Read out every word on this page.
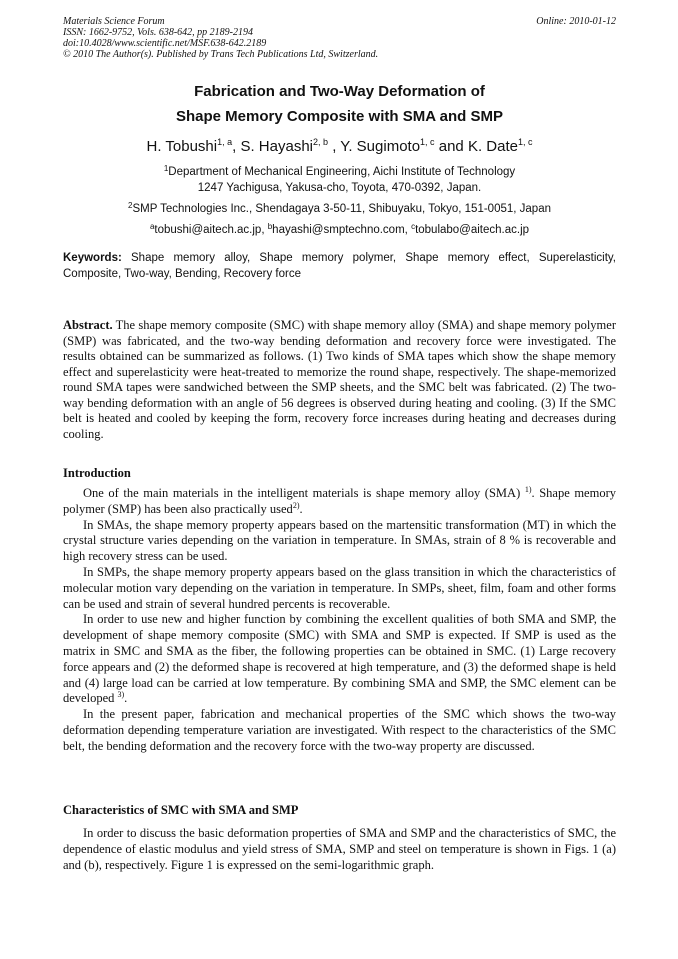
Materials Science Forum	Online: 2010-01-12
ISSN: 1662-9752, Vols. 638-642, pp 2189-2194
doi:10.4028/www.scientific.net/MSF.638-642.2189
© 2010 The Author(s). Published by Trans Tech Publications Ltd, Switzerland.
Fabrication and Two-Way Deformation of
Shape Memory Composite with SMA and SMP
H. Tobushi$^{1, a}$, S. Hayashi$^{2, b}$ , Y. Sugimoto$^{1, c}$ and K. Date$^{1, c}$
$^1$Department of Mechanical Engineering, Aichi Institute of Technology
1247 Yachigusa, Yakusa-cho, Toyota, 470-0392, Japan.
$^2$SMP Technologies Inc., Shendagaya 3-50-11, Shibuyaku, Tokyo, 151-0051, Japan
$^a$tobushi@aitech.ac.jp, $^b$hayashi@smptechno.com, $^c$tobulabo@aitech.ac.jp
Keywords: Shape memory alloy, Shape memory polymer, Shape memory effect, Superelasticity, Composite, Two-way, Bending, Recovery force
Abstract. The shape memory composite (SMC) with shape memory alloy (SMA) and shape memory polymer (SMP) was fabricated, and the two-way bending deformation and recovery force were investigated. The results obtained can be summarized as follows. (1) Two kinds of SMA tapes which show the shape memory effect and superelasticity were heat-treated to memorize the round shape, respectively. The shape-memorized round SMA tapes were sandwiched between the SMP sheets, and the SMC belt was fabricated. (2) The two-way bending deformation with an angle of 56 degrees is observed during heating and cooling. (3) If the SMC belt is heated and cooled by keeping the form, recovery force increases during heating and decreases during cooling.
Introduction

One of the main materials in the intelligent materials is shape memory alloy (SMA) $^{1)}$. Shape memory polymer (SMP) has been also practically used$^{2)}$.

In SMAs, the shape memory property appears based on the martensitic transformation (MT) in which the crystal structure varies depending on the variation in temperature. In SMAs, strain of 8 % is recoverable and high recovery stress can be used.

In SMPs, the shape memory property appears based on the glass transition in which the characteristics of molecular motion vary depending on the variation in temperature. In SMPs, sheet, film, foam and other forms can be used and strain of several hundred percents is recoverable.

In order to use new and higher function by combining the excellent qualities of both SMA and SMP, the development of shape memory composite (SMC) with SMA and SMP is expected. If SMP is used as the matrix in SMC and SMA as the fiber, the following properties can be obtained in SMC. (1) Large recovery force appears and (2) the deformed shape is recovered at high temperature, and (3) the deformed shape is held and (4) large load can be carried at low temperature. By combining SMA and SMP, the SMC element can be developed $^{3)}$.

In the present paper, fabrication and mechanical properties of the SMC which shows the two-way deformation depending temperature variation are investigated. With respect to the characteristics of the SMC belt, the bending deformation and the recovery force with the two-way property are discussed.

Characteristics of SMC with SMA and SMP

In order to discuss the basic deformation properties of SMA and SMP and the characteristics of SMC, the dependence of elastic modulus and yield stress of SMA, SMP and steel on temperature is shown in Figs. 1 (a) and (b), respectively. Figure 1 is expressed on the semi-logarithmic graph.
